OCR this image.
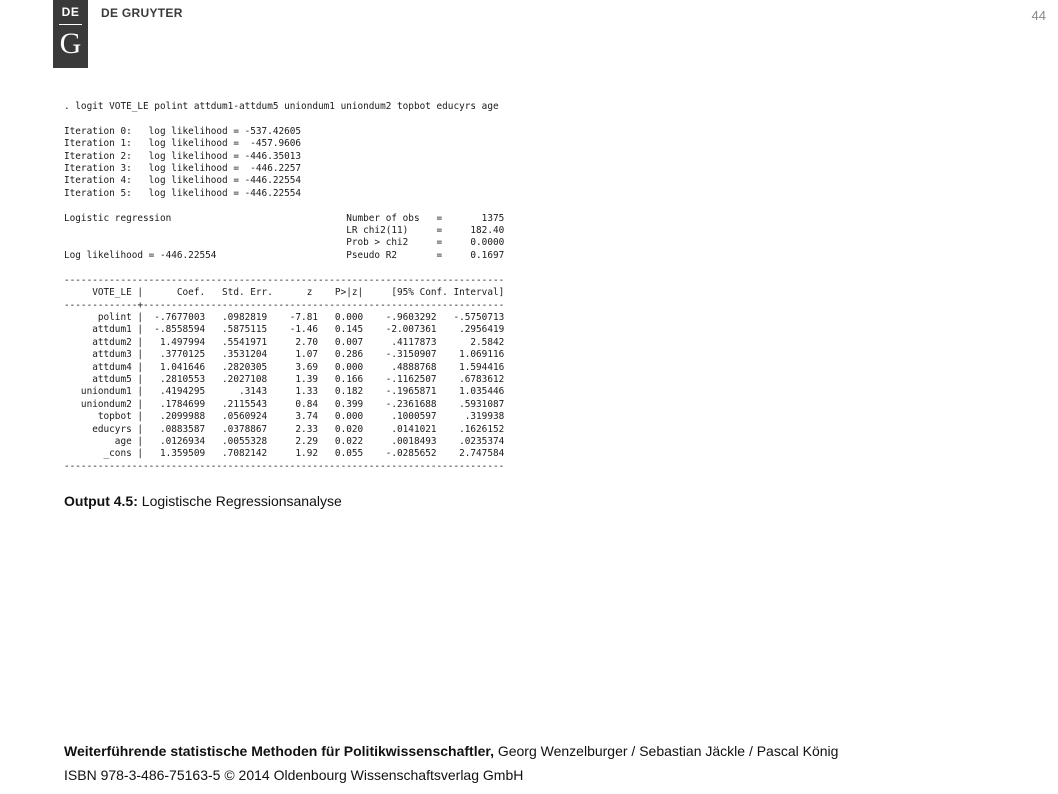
DE
G
DE GRUYTER	44
. logit VOTE_LE polint attdum1-attdum5 uniondum1 uniondum2 topbot educyrs age

Iteration 0:   log likelihood = -537.42605
Iteration 1:   log likelihood =  -457.9606
Iteration 2:   log likelihood = -446.35013
Iteration 3:   log likelihood =  -446.2257
Iteration 4:   log likelihood = -446.22554
Iteration 5:   log likelihood = -446.22554

Logistic regression                               Number of obs   =       1375
LR chi2(11)     =     182.40
Prob > chi2     =     0.0000
Log likelihood = -446.22554                       Pseudo R2       =     0.1697

------------------------------------------------------------------------------
VOTE_LE |      Coef.   Std. Err.      z    P>|z|     [95% Conf. Interval]
-------------+----------------------------------------------------------------
polint |  -.7677003   .0982819    -7.81   0.000    -.9603292   -.5750713
attdum1 |  -.8558594   .5875115    -1.46   0.145    -2.007361    .2956419
attdum2 |   1.497994   .5541971     2.70   0.007     .4117873      2.5842
attdum3 |   .3770125   .3531204     1.07   0.286    -.3150907    1.069116
attdum4 |   1.041646   .2820305     3.69   0.000     .4888768    1.594416
attdum5 |   .2810553   .2027108     1.39   0.166    -.1162507    .6783612
uniondum1 |   .4194295      .3143     1.33   0.182    -.1965871    1.035446
uniondum2 |   .1784699   .2115543     0.84   0.399    -.2361688    .5931087
topbot |   .2099988   .0560924     3.74   0.000     .1000597     .319938
educyrs |   .0883587   .0378867     2.33   0.020     .0141021    .1626152
age |   .0126934   .0055328     2.29   0.022     .0018493    .0235374
_cons |   1.359509   .7082142     1.92   0.055    -.0285652    2.747584
------------------------------------------------------------------------------
Output 4.5: Logistische Regressionsanalyse
Weiterführende statistische Methoden für Politikwissenschaftler, Georg Wenzelburger / Sebastian Jäckle / Pascal König
ISBN 978-3-486-75163-5 © 2014 Oldenbourg Wissenschaftsverlag GmbH
